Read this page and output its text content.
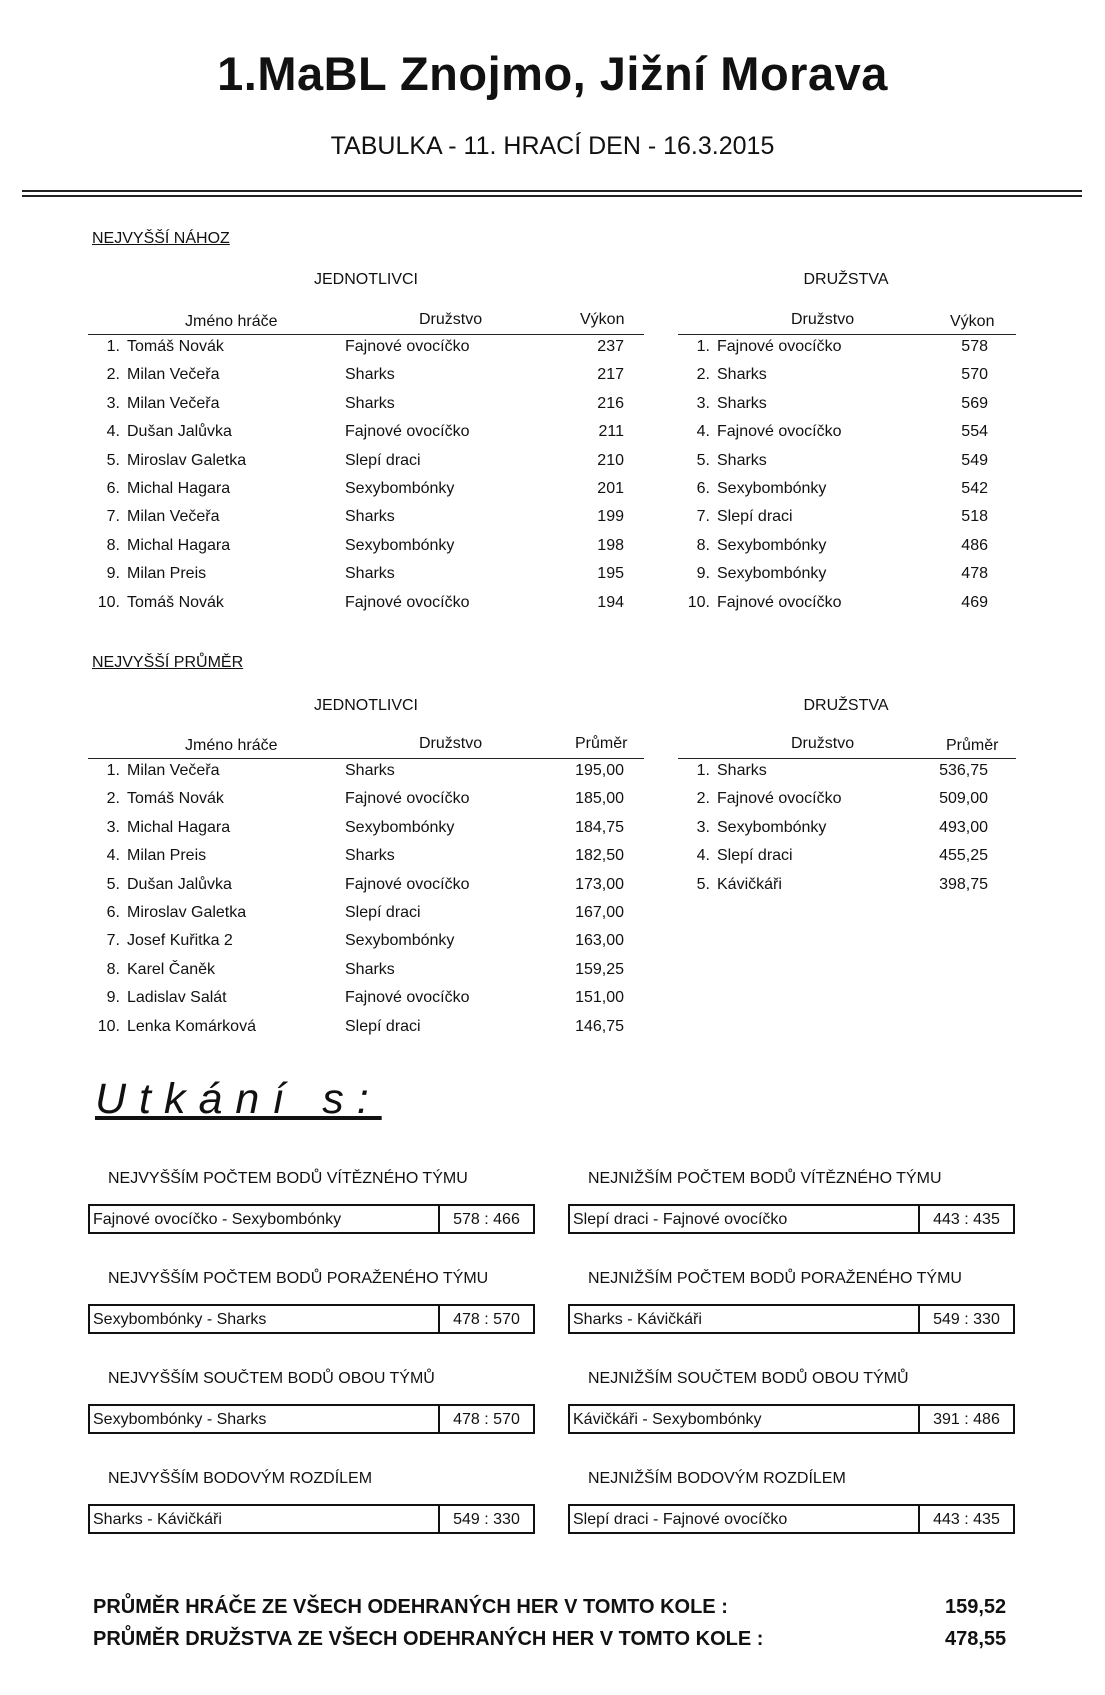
1.MaBL Znojmo, Jižní Morava
TABULKA - 11. HRACÍ DEN - 16.3.2015
NEJVYŠŠÍ NÁHOZ
JEDNOTLIVCI	DRUŽSTVA
Jméno hráče	Družstvo	Výkon	Družstvo	Výkon
1. Tomáš Novák	Fajnové ovocíčko	237
2. Milan Večeřa	Sharks	217
3. Milan Večeřa	Sharks	216
4. Dušan Jalůvka	Fajnové ovocíčko	211
5. Miroslav Galetka	Slepí draci	210
6. Michal Hagara	Sexybombónky	201
7. Milan Večeřa	Sharks	199
8. Michal Hagara	Sexybombónky	198
9. Milan Preis	Sharks	195
10. Tomáš Novák	Fajnové ovocíčko	194
1. Fajnové ovocíčko	578
2. Sharks	570
3. Sharks	569
4. Fajnové ovocíčko	554
5. Sharks	549
6. Sexybombónky	542
7. Slepí draci	518
8. Sexybombónky	486
9. Sexybombónky	478
10. Fajnové ovocíčko	469
NEJVYŠŠÍ PRŮMĚR
JEDNOTLIVCI	DRUŽSTVA
Jméno hráče	Družstvo	Průměr	Družstvo	Průměr
1. Milan Večeřa	Sharks	195,00
2. Tomáš Novák	Fajnové ovocíčko	185,00
3. Michal Hagara	Sexybombónky	184,75
4. Milan Preis	Sharks	182,50
5. Dušan Jalůvka	Fajnové ovocíčko	173,00
6. Miroslav Galetka	Slepí draci	167,00
7. Josef Kuřitka 2	Sexybombónky	163,00
8. Karel Čaněk	Sharks	159,25
9. Ladislav Salát	Fajnové ovocíčko	151,00
10. Lenka Komárková	Slepí draci	146,75
1. Sharks	536,75
2. Fajnové ovocíčko	509,00
3. Sexybombónky	493,00
4. Slepí draci	455,25
5. Kávičkáři	398,75
Utkání s:
NEJVYŠŠÍM POČTEM BODŮ VÍTĚZNÉHO TÝMU
Fajnové ovocíčko - Sexybombónky	578 : 466
NEJVYŠŠÍM POČTEM BODŮ PORAŽENÉHO TÝMU
Sexybombónky - Sharks	478 : 570
NEJVYŠŠÍM SOUČTEM BODŮ OBOU TÝMŮ
Sexybombónky - Sharks	478 : 570
NEJVYŠŠÍM BODOVÝM ROZDÍLEM
Sharks - Kávičkáři	549 : 330
NEJNIŽŠÍM POČTEM BODŮ VÍTĚZNÉHO TÝMU
Slepí draci - Fajnové ovocíčko	443 : 435
NEJNIŽŠÍM POČTEM BODŮ PORAŽENÉHO TÝMU
Sharks - Kávičkáři	549 : 330
NEJNIŽŠÍM SOUČTEM BODŮ OBOU TÝMŮ
Kávičkáři - Sexybombónky	391 : 486
NEJNIŽŠÍM BODOVÝM ROZDÍLEM
Slepí draci - Fajnové ovocíčko	443 : 435
PRŮMĚR HRÁČE ZE VŠECH ODEHRANÝCH HER V TOMTO KOLE :	159,52
PRŮMĚR DRUŽSTVA ZE VŠECH ODEHRANÝCH HER V TOMTO KOLE :	478,55
